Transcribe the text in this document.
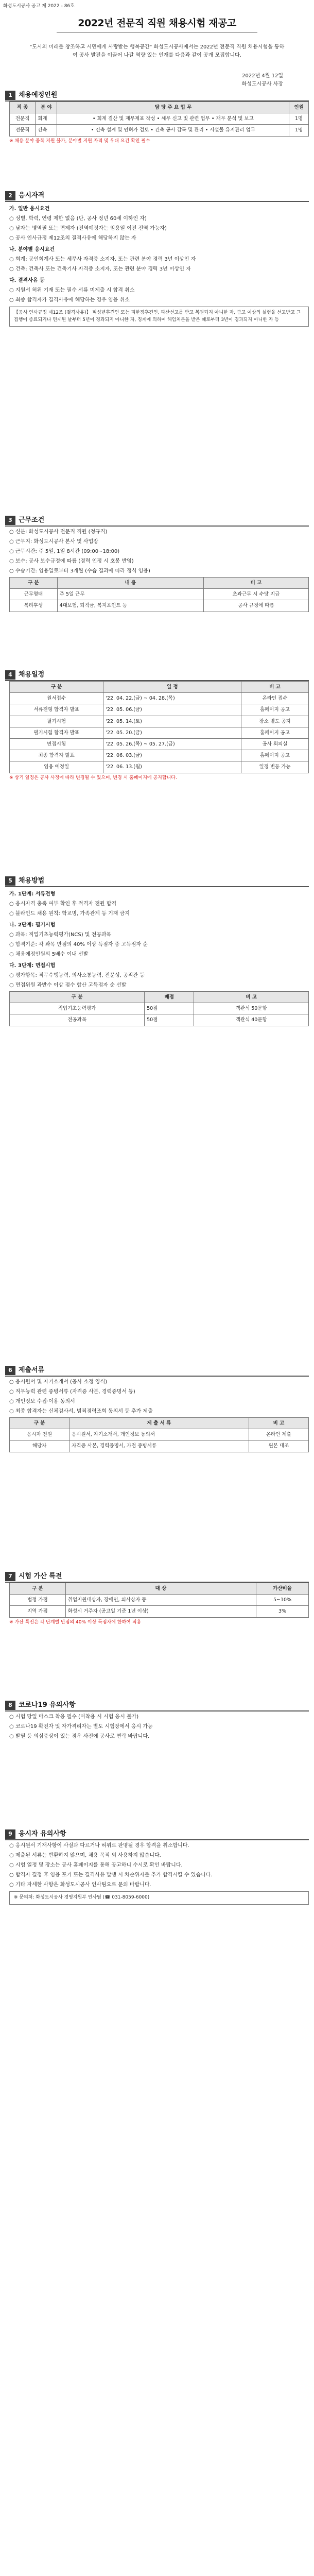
화성도시공사 공고 제 2022 - 86호
2022년 전문직 직원 채용시험 재공고
"도시의 미래를 창조하고 시민에게 사랑받는 행복공간" 화성도시공사에서는 2022년 전문직 직원 채용시험을 통하여 공사 발전을 이끌어 나갈 역량 있는 인재를 다음과 같이 공개 모집합니다.
2022년 4월 12일
화성도시공사 사장
1 채용예정인원
직 종	분 야	담 당 주 요 업 무	인원
전문직	회계	• 회계 결산 및 재무제표 작성 • 세무 신고 및 관련 업무 • 재무 분석 및 보고	1명
전문직	건축	• 건축 설계 및 인허가 검토 • 건축 공사 감독 및 관리 • 시설물 유지관리 업무	1명

※ 채용 분야 중복 지원 불가, 분야별 지원 자격 및 우대 요건 확인 필수

2 응시자격
가. 일반 응시요건

○ 성별, 학력, 연령 제한 없음 (단, 공사 정년 60세 이하인 자)

○ 남자는 병역필 또는 면제자 (전역예정자는 임용일 이전 전역 가능자)

○ 공사 인사규정 제12조의 결격사유에 해당하지 않는 자

나. 분야별 응시요건

○ 회계: 공인회계사 또는 세무사 자격증 소지자, 또는 관련 분야 경력 3년 이상인 자

○ 건축: 건축사 또는 건축기사 자격증 소지자, 또는 관련 분야 경력 3년 이상인 자

다. 결격사유 등

○ 지원서 허위 기재 또는 필수 서류 미제출 시 합격 취소

○ 최종 합격자가 결격사유에 해당하는 경우 임용 취소

【공사 인사규정 제12조 (결격사유)】 피성년후견인 또는 피한정후견인, 파산선고를 받고 복권되지 아니한 자, 금고 이상의 실형을 선고받고 그 집행이 종료되거나 면제된 날부터 5년이 경과되지 아니한 자, 징계에 의하여 해임처분을 받은 때로부터 3년이 경과되지 아니한 자 등
3 근무조건

○ 신분: 화성도시공사 전문직 직원 (정규직)

○ 근무지: 화성도시공사 본사 및 사업장

○ 근무시간: 주 5일, 1일 8시간 (09:00~18:00)

○ 보수: 공사 보수규정에 따름 (경력 인정 시 호봉 반영)

○ 수습기간: 임용일로부터 3개월 (수습 결과에 따라 정식 임용)

구 분	내 용	비 고
근무형태	주 5일 근무	초과근무 시 수당 지급
복리후생	4대보험, 퇴직금, 복지포인트 등	공사 규정에 따름
4 채용일정
구 분	일 정	비 고
원서접수	'22. 04. 22.(금) ~ 04. 28.(목)	온라인 접수
서류전형 합격자 발표	'22. 05. 06.(금)	홈페이지 공고
필기시험	'22. 05. 14.(토)	장소 별도 공지
필기시험 합격자 발표	'22. 05. 20.(금)	홈페이지 공고
면접시험	'22. 05. 26.(목) ~ 05. 27.(금)	공사 회의실
최종 합격자 발표	'22. 06. 03.(금)	홈페이지 공고
임용 예정일	'22. 06. 13.(월)	일정 변동 가능

※ 상기 일정은 공사 사정에 따라 변경될 수 있으며, 변경 시 홈페이지에 공지합니다.

5 채용방법
가. 1단계: 서류전형

○ 응시자격 충족 여부 확인 후 적격자 전원 합격

○ 블라인드 채용 원칙: 학교명, 가족관계 등 기재 금지

나. 2단계: 필기시험

○ 과목: 직업기초능력평가(NCS) 및 전공과목

○ 합격기준: 각 과목 만점의 40% 이상 득점자 중 고득점자 순

○ 채용예정인원의 5배수 이내 선발

다. 3단계: 면접시험

○ 평가항목: 직무수행능력, 의사소통능력, 전문성, 공직관 등

○ 면접위원 과반수 이상 점수 합산 고득점자 순 선발

구 분	배점	비 고
직업기초능력평가	50점	객관식 50문항
전공과목	50점	객관식 40문항
6 제출서류

○ 응시원서 및 자기소개서 (공사 소정 양식)

○ 직무능력 관련 증빙서류 (자격증 사본, 경력증명서 등)

○ 개인정보 수집·이용 동의서

○ 최종 합격자는 신체검사서, 범죄경력조회 동의서 등 추가 제출

구 분	제 출 서 류	비 고
응시자 전원	응시원서, 자기소개서, 개인정보 동의서	온라인 제출
해당자	자격증 사본, 경력증명서, 가점 증빙서류	원본 대조
7 시험 가산 특전
구 분	대 상	가산비율
법정 가점	취업지원대상자, 장애인, 의사상자 등	5~10%
지역 가점	화성시 거주자 (공고일 기준 1년 이상)	3%

※ 가산 특전은 각 단계별 만점의 40% 이상 득점자에 한하여 적용

8 코로나19 유의사항

○ 시험 당일 마스크 착용 필수 (미착용 시 시험 응시 불가)

○ 코로나19 확진자 및 자가격리자는 별도 시험장에서 응시 가능

○ 발열 등 의심증상이 있는 경우 사전에 공사로 연락 바랍니다.

9 응시자 유의사항

○ 응시원서 기재사항이 사실과 다르거나 허위로 판명될 경우 합격을 취소합니다.

○ 제출된 서류는 반환하지 않으며, 채용 목적 외 사용하지 않습니다.

○ 시험 일정 및 장소는 공사 홈페이지를 통해 공고하니 수시로 확인 바랍니다.

○ 합격자 결정 후 임용 포기 또는 결격사유 발생 시 차순위자를 추가 합격시킬 수 있습니다.

○ 기타 자세한 사항은 화성도시공사 인사팀으로 문의 바랍니다.

※ 문의처: 화성도시공사 경영지원부 인사팀 (☎ 031-8059-6000)
